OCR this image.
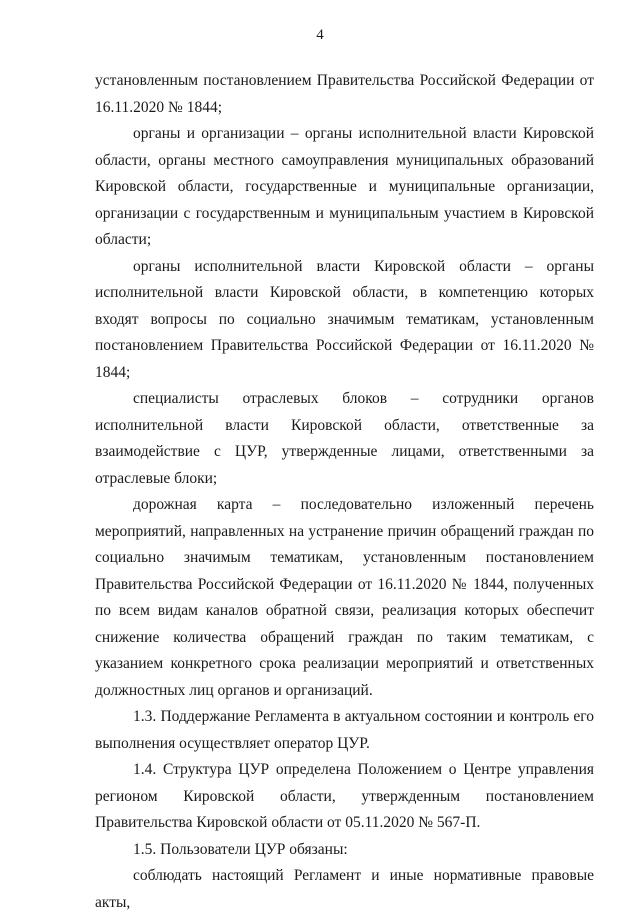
4

установленным постановлением Правительства Российской Федерации от 16.11.2020 № 1844;

органы и организации – органы исполнительной власти Кировской области, органы местного самоуправления муниципальных образований Кировской области, государственные и муниципальные организации, организации с государственным и муниципальным участием в Кировской области;

органы исполнительной власти Кировской области – органы исполнительной власти Кировской области, в компетенцию которых входят вопросы по социально значимым тематикам, установленным постановлением Правительства Российской Федерации от 16.11.2020 № 1844;

специалисты отраслевых блоков – сотрудники органов исполнительной власти Кировской области, ответственные за взаимодействие с ЦУР, утвержденные лицами, ответственными за отраслевые блоки;

дорожная карта – последовательно изложенный перечень мероприятий, направленных на устранение причин обращений граждан по социально значимым тематикам, установленным постановлением Правительства Российской Федерации от 16.11.2020 № 1844, полученных по всем видам каналов обратной связи, реализация которых обеспечит снижение количества обращений граждан по таким тематикам, с указанием конкретного срока реализации мероприятий и ответственных должностных лиц органов и организаций.

1.3. Поддержание Регламента в актуальном состоянии и контроль его выполнения осуществляет оператор ЦУР.

1.4. Структура ЦУР определена Положением о Центре управления регионом Кировской области, утвержденным постановлением Правительства Кировской области от 05.11.2020 № 567-П.

1.5. Пользователи ЦУР обязаны:

соблюдать настоящий Регламент и иные нормативные правовые акты,
